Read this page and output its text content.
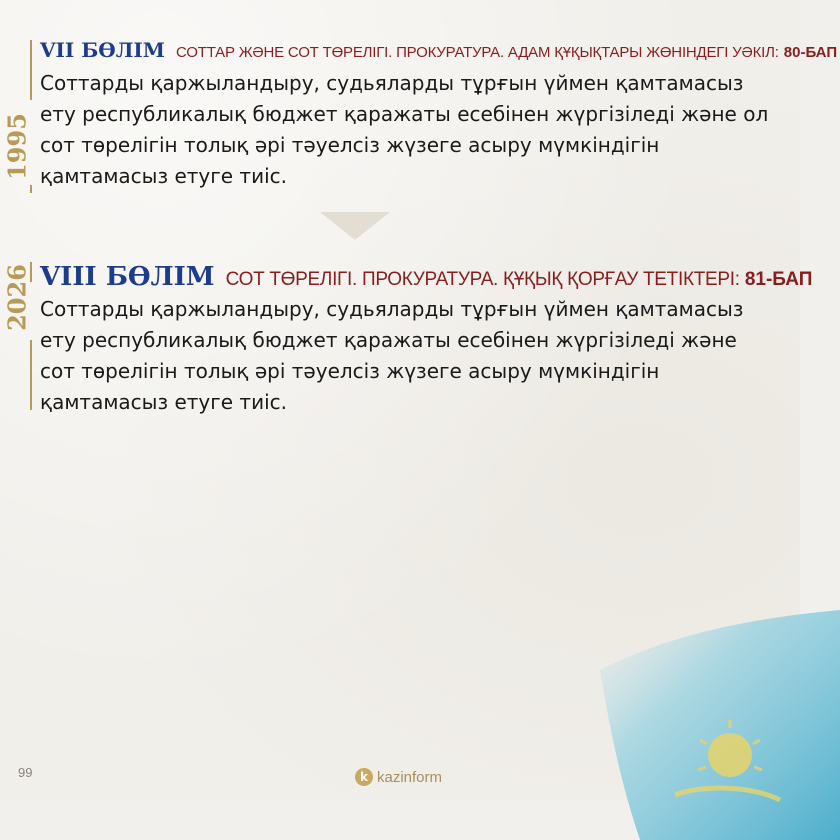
1995
2026
VII БӨЛІМ СОТТАР ЖӘНЕ СОТ ТӨРЕЛІГІ. ПРОКУРАТУРА. АДАМ ҚҰҚЫҚТАРЫ ЖӨНІНДЕГІ УӘКІЛ: 80-БАП
Соттарды қаржыландыру, судьяларды тұрғын үймен қамтамасыз ету республикалық бюджет қаражаты есебінен жүргізіледі және ол сот төрелігін толық әрі тәуелсіз жүзеге асыру мүмкіндігін қамтамасыз етуге тиіс.
VIII БӨЛІМ СОТ ТӨРЕЛІГІ. ПРОКУРАТУРА. ҚҰҚЫҚ ҚОРҒАУ ТЕТІКТЕРІ: 81-БАП
Соттарды қаржыландыру, судьяларды тұрғын үймен қамтамасыз ету республикалық бюджет қаражаты есебінен жүргізіледі және сот төрелігін толық әрі тәуелсіз жүзеге асыру мүмкіндігін қамтамасыз етуге тиіс.
99	k kazinform
